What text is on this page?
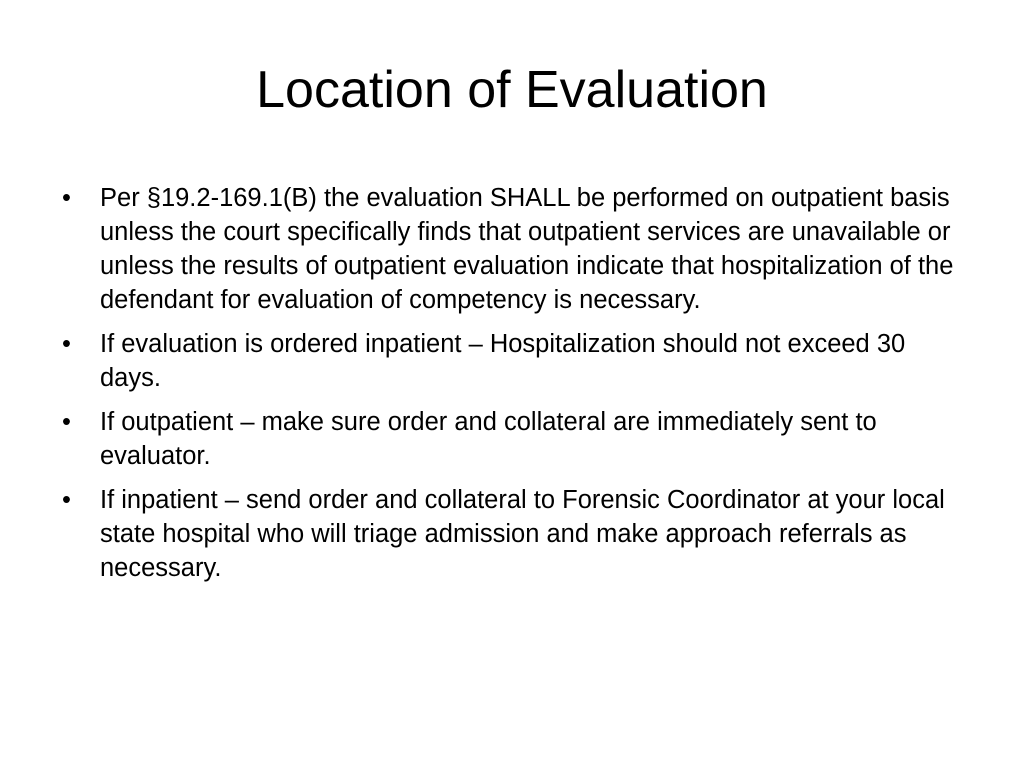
Location of Evaluation
•	Per §19.2-169.1(B) the evaluation SHALL be performed on outpatient basis unless the court specifically finds that outpatient services are unavailable or unless the results of outpatient evaluation indicate that hospitalization of the defendant for evaluation of competency is necessary.
•	If evaluation is ordered inpatient – Hospitalization should not exceed 30 days.
•	If outpatient – make sure order and collateral are immediately sent to evaluator.
•	If inpatient – send order and collateral to Forensic Coordinator at your local state hospital who will triage admission and make approach referrals as necessary.
